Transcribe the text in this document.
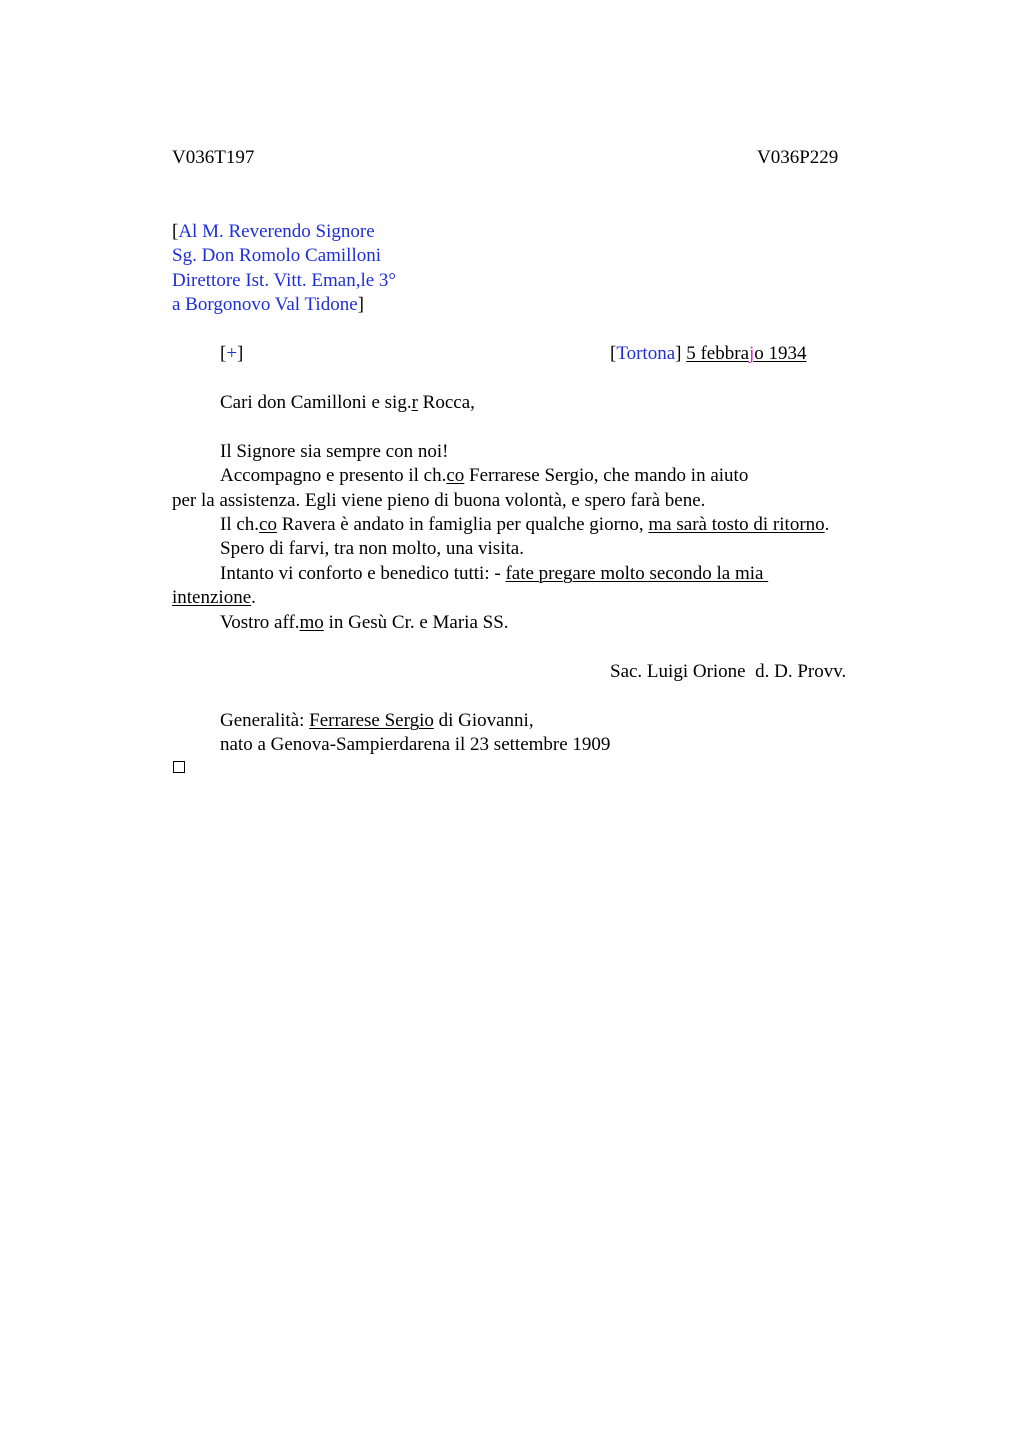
V036T197	V036P229
[Al M. Reverendo Signore
Sg. Don Romolo Camilloni
Direttore Ist. Vitt. Eman,le 3°
a Borgonovo Val Tidone]
[+]	[Tortona] 5 febbrajo 1934
Cari don Camilloni e sig.r Rocca,
Il Signore sia sempre con noi!
Accompagno e presento il ch.co Ferrarese Sergio, che mando in aiuto
per la assistenza. Egli viene pieno di buona volontà, e spero farà bene.
Il ch.co Ravera è andato in famiglia per qualche giorno, ma sarà tosto di ritorno.
Spero di farvi, tra non molto, una visita.
Intanto vi conforto e benedico tutti: - fate pregare molto secondo la mia
intenzione.
Vostro aff.mo in Gesù Cr. e Maria SS.
Sac. Luigi Orione  d. D. Provv.
Generalità: Ferrarese Sergio di Giovanni,
nato a Genova-Sampierdarena il 23 settembre 1909
